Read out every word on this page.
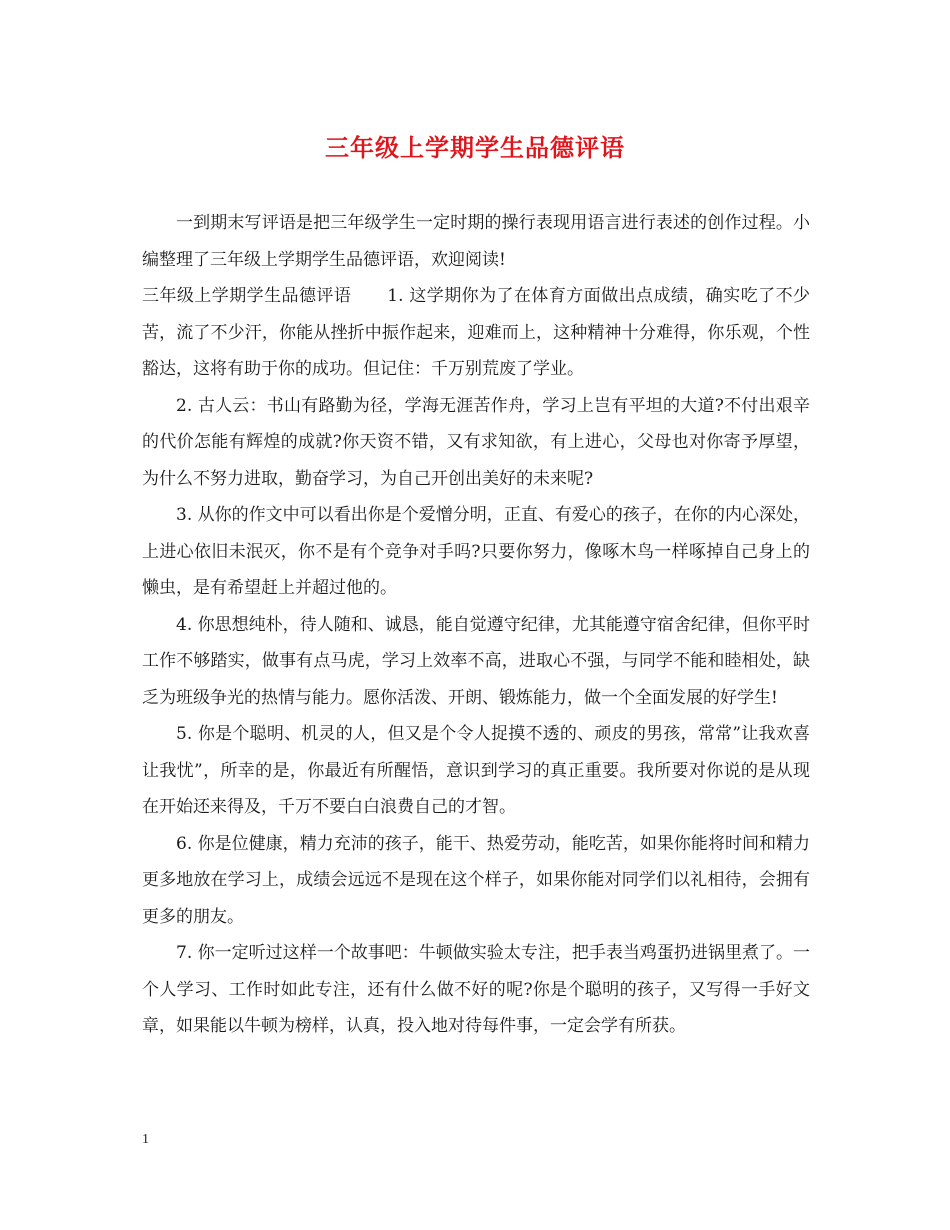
三年级上学期学生品德评语

一到期末写评语是把三年级学生一定时期的操行表现用语言进行表述的创作过程。小编整理了三年级上学期学生品德评语，欢迎阅读!

三年级上学期学生品德评语 1. 这学期你为了在体育方面做出点成绩，确实吃了不少苦，流了不少汗，你能从挫折中振作起来，迎难而上，这种精神十分难得，你乐观，个性豁达，这将有助于你的成功。但记住：千万别荒废了学业。

2. 古人云：书山有路勤为径，学海无涯苦作舟，学习上岂有平坦的大道?不付出艰辛的代价怎能有辉煌的成就?你天资不错，又有求知欲，有上进心，父母也对你寄予厚望，为什么不努力进取，勤奋学习，为自己开创出美好的未来呢?

3. 从你的作文中可以看出你是个爱憎分明，正直、有爱心的孩子，在你的内心深处，上进心依旧未泯灭，你不是有个竞争对手吗?只要你努力，像啄木鸟一样啄掉自己身上的懒虫，是有希望赶上并超过他的。

4. 你思想纯朴，待人随和、诚恳，能自觉遵守纪律，尤其能遵守宿舍纪律，但你平时工作不够踏实，做事有点马虎，学习上效率不高，进取心不强，与同学不能和睦相处，缺乏为班级争光的热情与能力。愿你活泼、开朗、锻炼能力，做一个全面发展的好学生!

5. 你是个聪明、机灵的人，但又是个令人捉摸不透的、顽皮的男孩，常常”让我欢喜让我忧”，所幸的是，你最近有所醒悟，意识到学习的真正重要。我所要对你说的是从现在开始还来得及，千万不要白白浪费自己的才智。

6. 你是位健康，精力充沛的孩子，能干、热爱劳动，能吃苦，如果你能将时间和精力更多地放在学习上，成绩会远远不是现在这个样子，如果你能对同学们以礼相待，会拥有更多的朋友。

7. 你一定听过这样一个故事吧：牛顿做实验太专注，把手表当鸡蛋扔进锅里煮了。一个人学习、工作时如此专注，还有什么做不好的呢?你是个聪明的孩子，又写得一手好文章，如果能以牛顿为榜样，认真，投入地对待每件事，一定会学有所获。

1
